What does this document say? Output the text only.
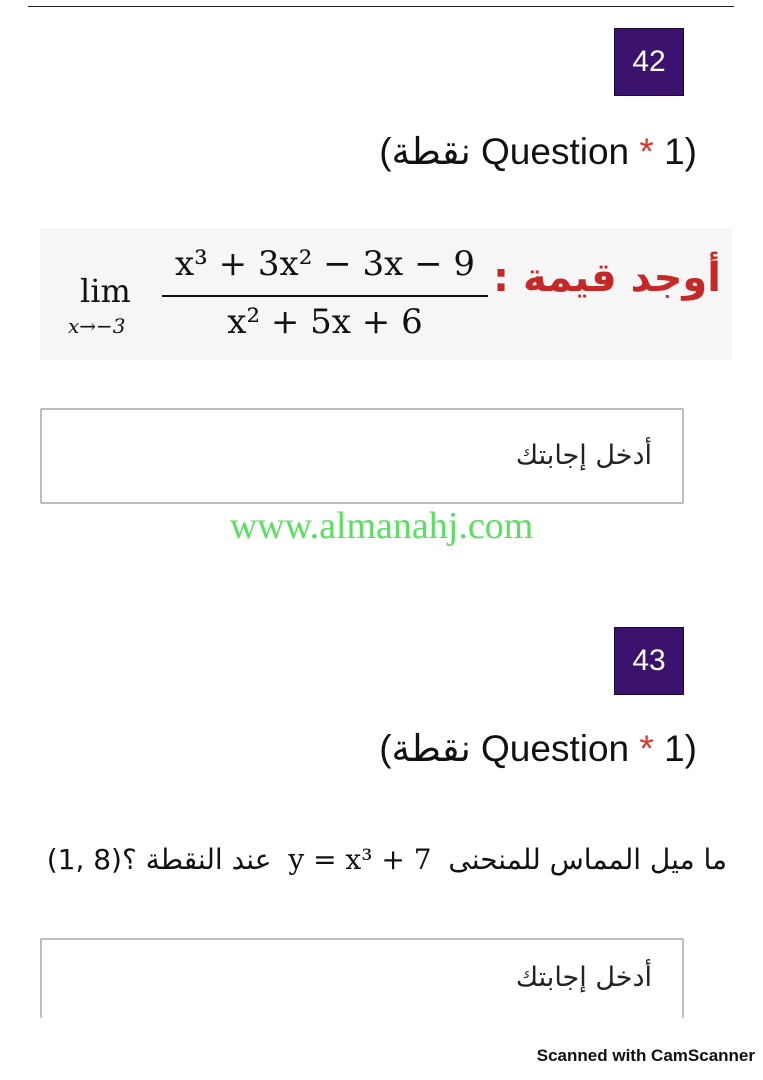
42
(نقطة Question * 1)
أوجد قيمة :
lim
x→−3
x³ + 3x² − 3x − 9
x² + 5x + 6
أدخل إجابتك
www.almanahj.com
43
(نقطة Question * 1)
ما ميل المماس للمنحنى y = x³ + 7 عند النقطة (1, 8)؟
أدخل إجابتك
Scanned with CamScanner
